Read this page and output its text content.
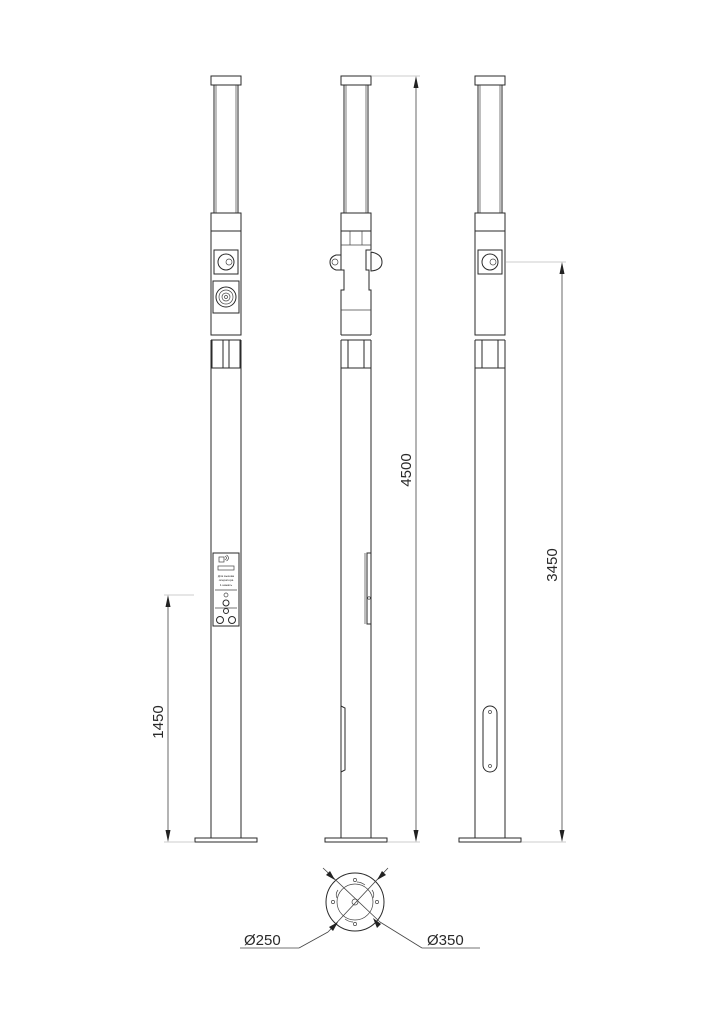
Для вызова
оператора
1 нажать
4500
3450
1450
Ø250	Ø350
